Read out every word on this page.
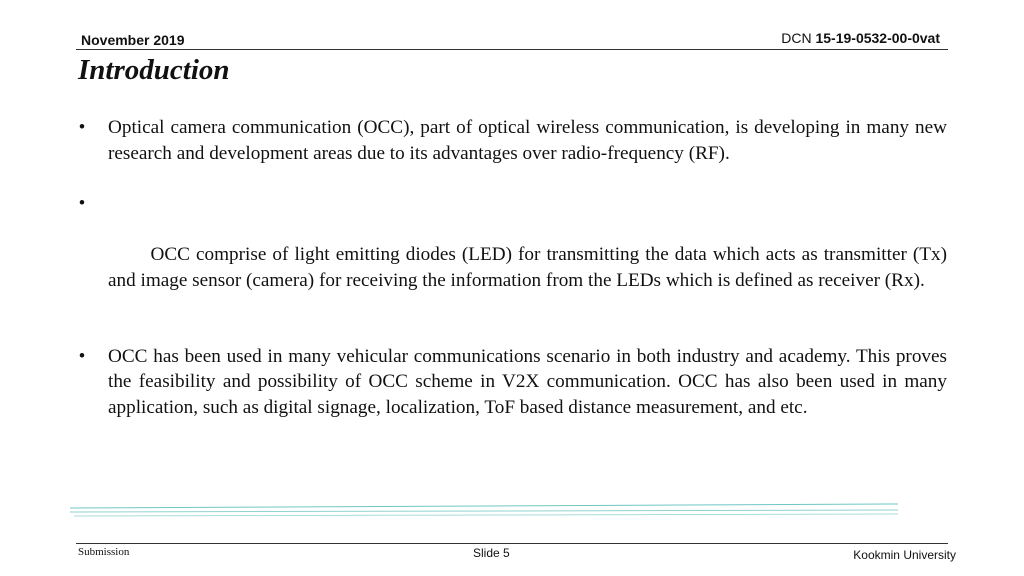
November 2019	DCN 15-19-0532-00-0vat
Introduction
• Optical camera communication (OCC), part of optical wireless communication, is developing in many new research and development areas due to its advantages over radio-frequency (RF).

•

OCC comprise of light emitting diodes (LED) for transmitting the data which acts as transmitter (Tx) and image sensor (camera) for receiving the information from the LEDs which is defined as receiver (Rx).

• OCC has been used in many vehicular communications scenario in both industry and academy. This proves the feasibility and possibility of OCC scheme in V2X communication. OCC has also been used in many application, such as digital signage, localization, ToF based distance measurement, and etc.
Submission	Slide 5	Kookmin University
